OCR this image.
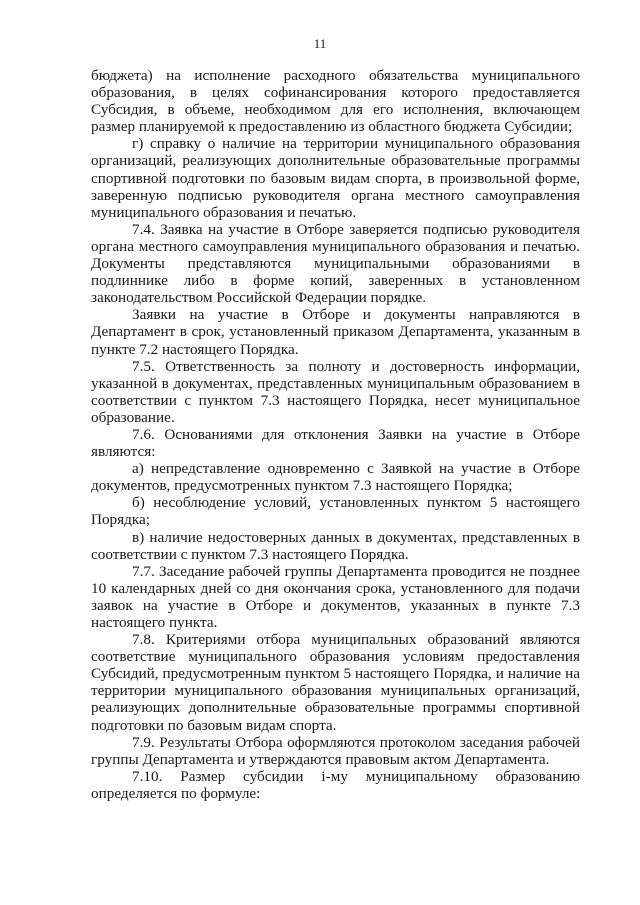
11

бюджета) на исполнение расходного обязательства муниципального образования, в целях софинансирования которого предоставляется Субсидия, в объеме, необходимом для его исполнения, включающем размер планируемой к предоставлению из областного бюджета Субсидии;

г) справку о наличие на территории муниципального образования организаций, реализующих дополнительные образовательные программы спортивной подготовки по базовым видам спорта, в произвольной форме, заверенную подписью руководителя органа местного самоуправления муниципального образования и печатью.

7.4. Заявка на участие в Отборе заверяется подписью руководителя органа местного самоуправления муниципального образования и печатью. Документы представляются муниципальными образованиями в подлиннике либо в форме копий, заверенных в установленном законодательством Российской Федерации порядке.

Заявки на участие в Отборе и документы направляются в Департамент в срок, установленный приказом Департамента, указанным в пункте 7.2 настоящего Порядка.

7.5. Ответственность за полноту и достоверность информации, указанной в документах, представленных муниципальным образованием в соответствии с пунктом 7.3 настоящего Порядка, несет муниципальное образование.

7.6. Основаниями для отклонения Заявки на участие в Отборе являются:

а) непредставление одновременно с Заявкой на участие в Отборе документов, предусмотренных пунктом 7.3 настоящего Порядка;

б) несоблюдение условий, установленных пунктом 5 настоящего Порядка;

в) наличие недостоверных данных в документах, представленных в соответствии с пунктом 7.3 настоящего Порядка.

7.7. Заседание рабочей группы Департамента проводится не позднее 10 календарных дней со дня окончания срока, установленного для подачи заявок на участие в Отборе и документов, указанных в пункте 7.3 настоящего пункта.

7.8. Критериями отбора муниципальных образований являются соответствие муниципального образования условиям предоставления Субсидий, предусмотренным пунктом 5 настоящего Порядка, и наличие на территории муниципального образования муниципальных организаций, реализующих дополнительные образовательные программы спортивной подготовки по базовым видам спорта.

7.9. Результаты Отбора оформляются протоколом заседания рабочей группы Департамента и утверждаются правовым актом Департамента.

7.10. Размер субсидии i-му муниципальному образованию определяется по формуле:
